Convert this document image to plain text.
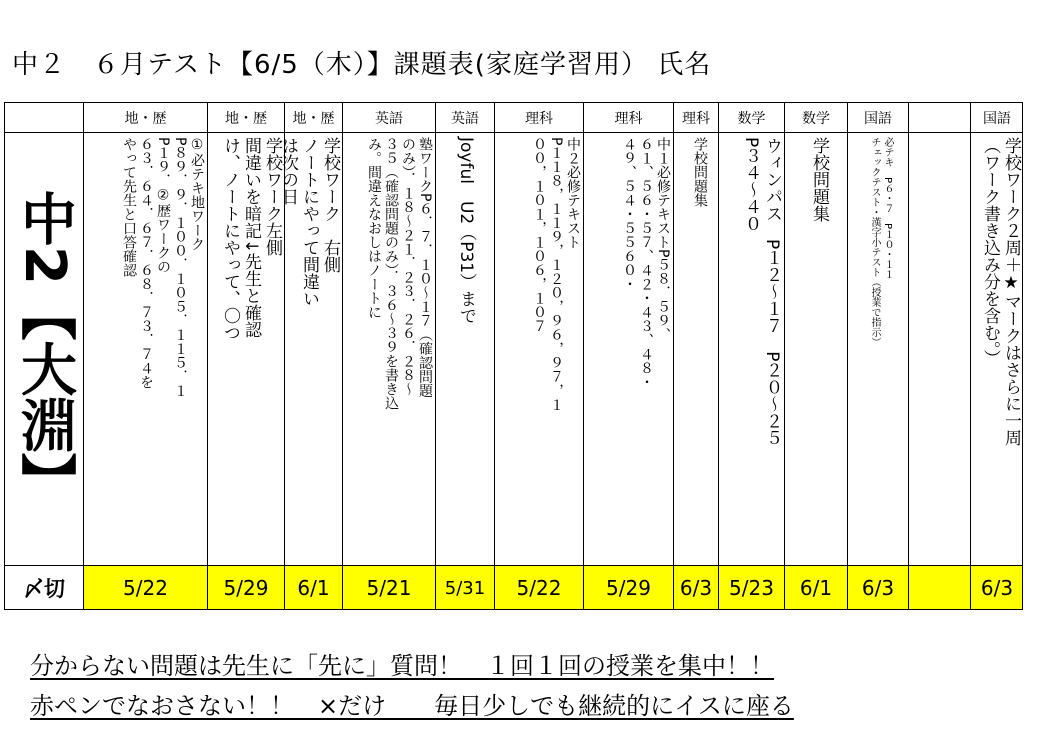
中２　６月テスト【6/5（木）】課題表(家庭学習用） 氏名
中2【大淵】
〆切
地・歴
①必テキ地ワーク
P８９．９．１００．１０５．１１５．１
P１９．②歴ワークの
６３．６４．６７．６８．７３．７４を
やって先生と口答確認
5/22
地・歴
学校ワーク左側
間違いを暗記↓先生と確認
け、ノートにやって、〇つ
5/29
地・歴
学校ワーク　右側
ノートにやって間違い
は次の日
6/1
英語
塾ワークP６．７．１０～１７（確認問題
のみ）．１８～２１．２３．２６．２８～
３５（確認問題のみ）．３６～３９を書き込
み。間違えなおしはノートに
5/21
英語
Joyful　U2（P31）まで
5/31
理科
中２必修テキスト
P１１８，１１９，１２０，９６，９７，１
００，１０１，１０６，１０７
5/22
理科
中１必修テキストP５８．５９、
６１、５６・５７、４２・４３、４８・
４９、５４・５５６０・
5/29
理科
学校問題集
6/3
数学
ウィンパス　P１２～１７　P２０～２５
P３４～４０
5/23
数学
学校問題集
6/1
国語
必テキ　P６・７　P１０・１１
チェックテスト・漢字小テスト（授業で指示）
6/3
国語
学校ワーク２周＋★マークはさらに一周
（ワーク書き込み分を含む。）
6/3
分からない問題は先生に「先に」質問！　１回１回の授業を集中！！
赤ペンでなおさない！！　×だけ　　毎日少しでも継続的にイスに座る
